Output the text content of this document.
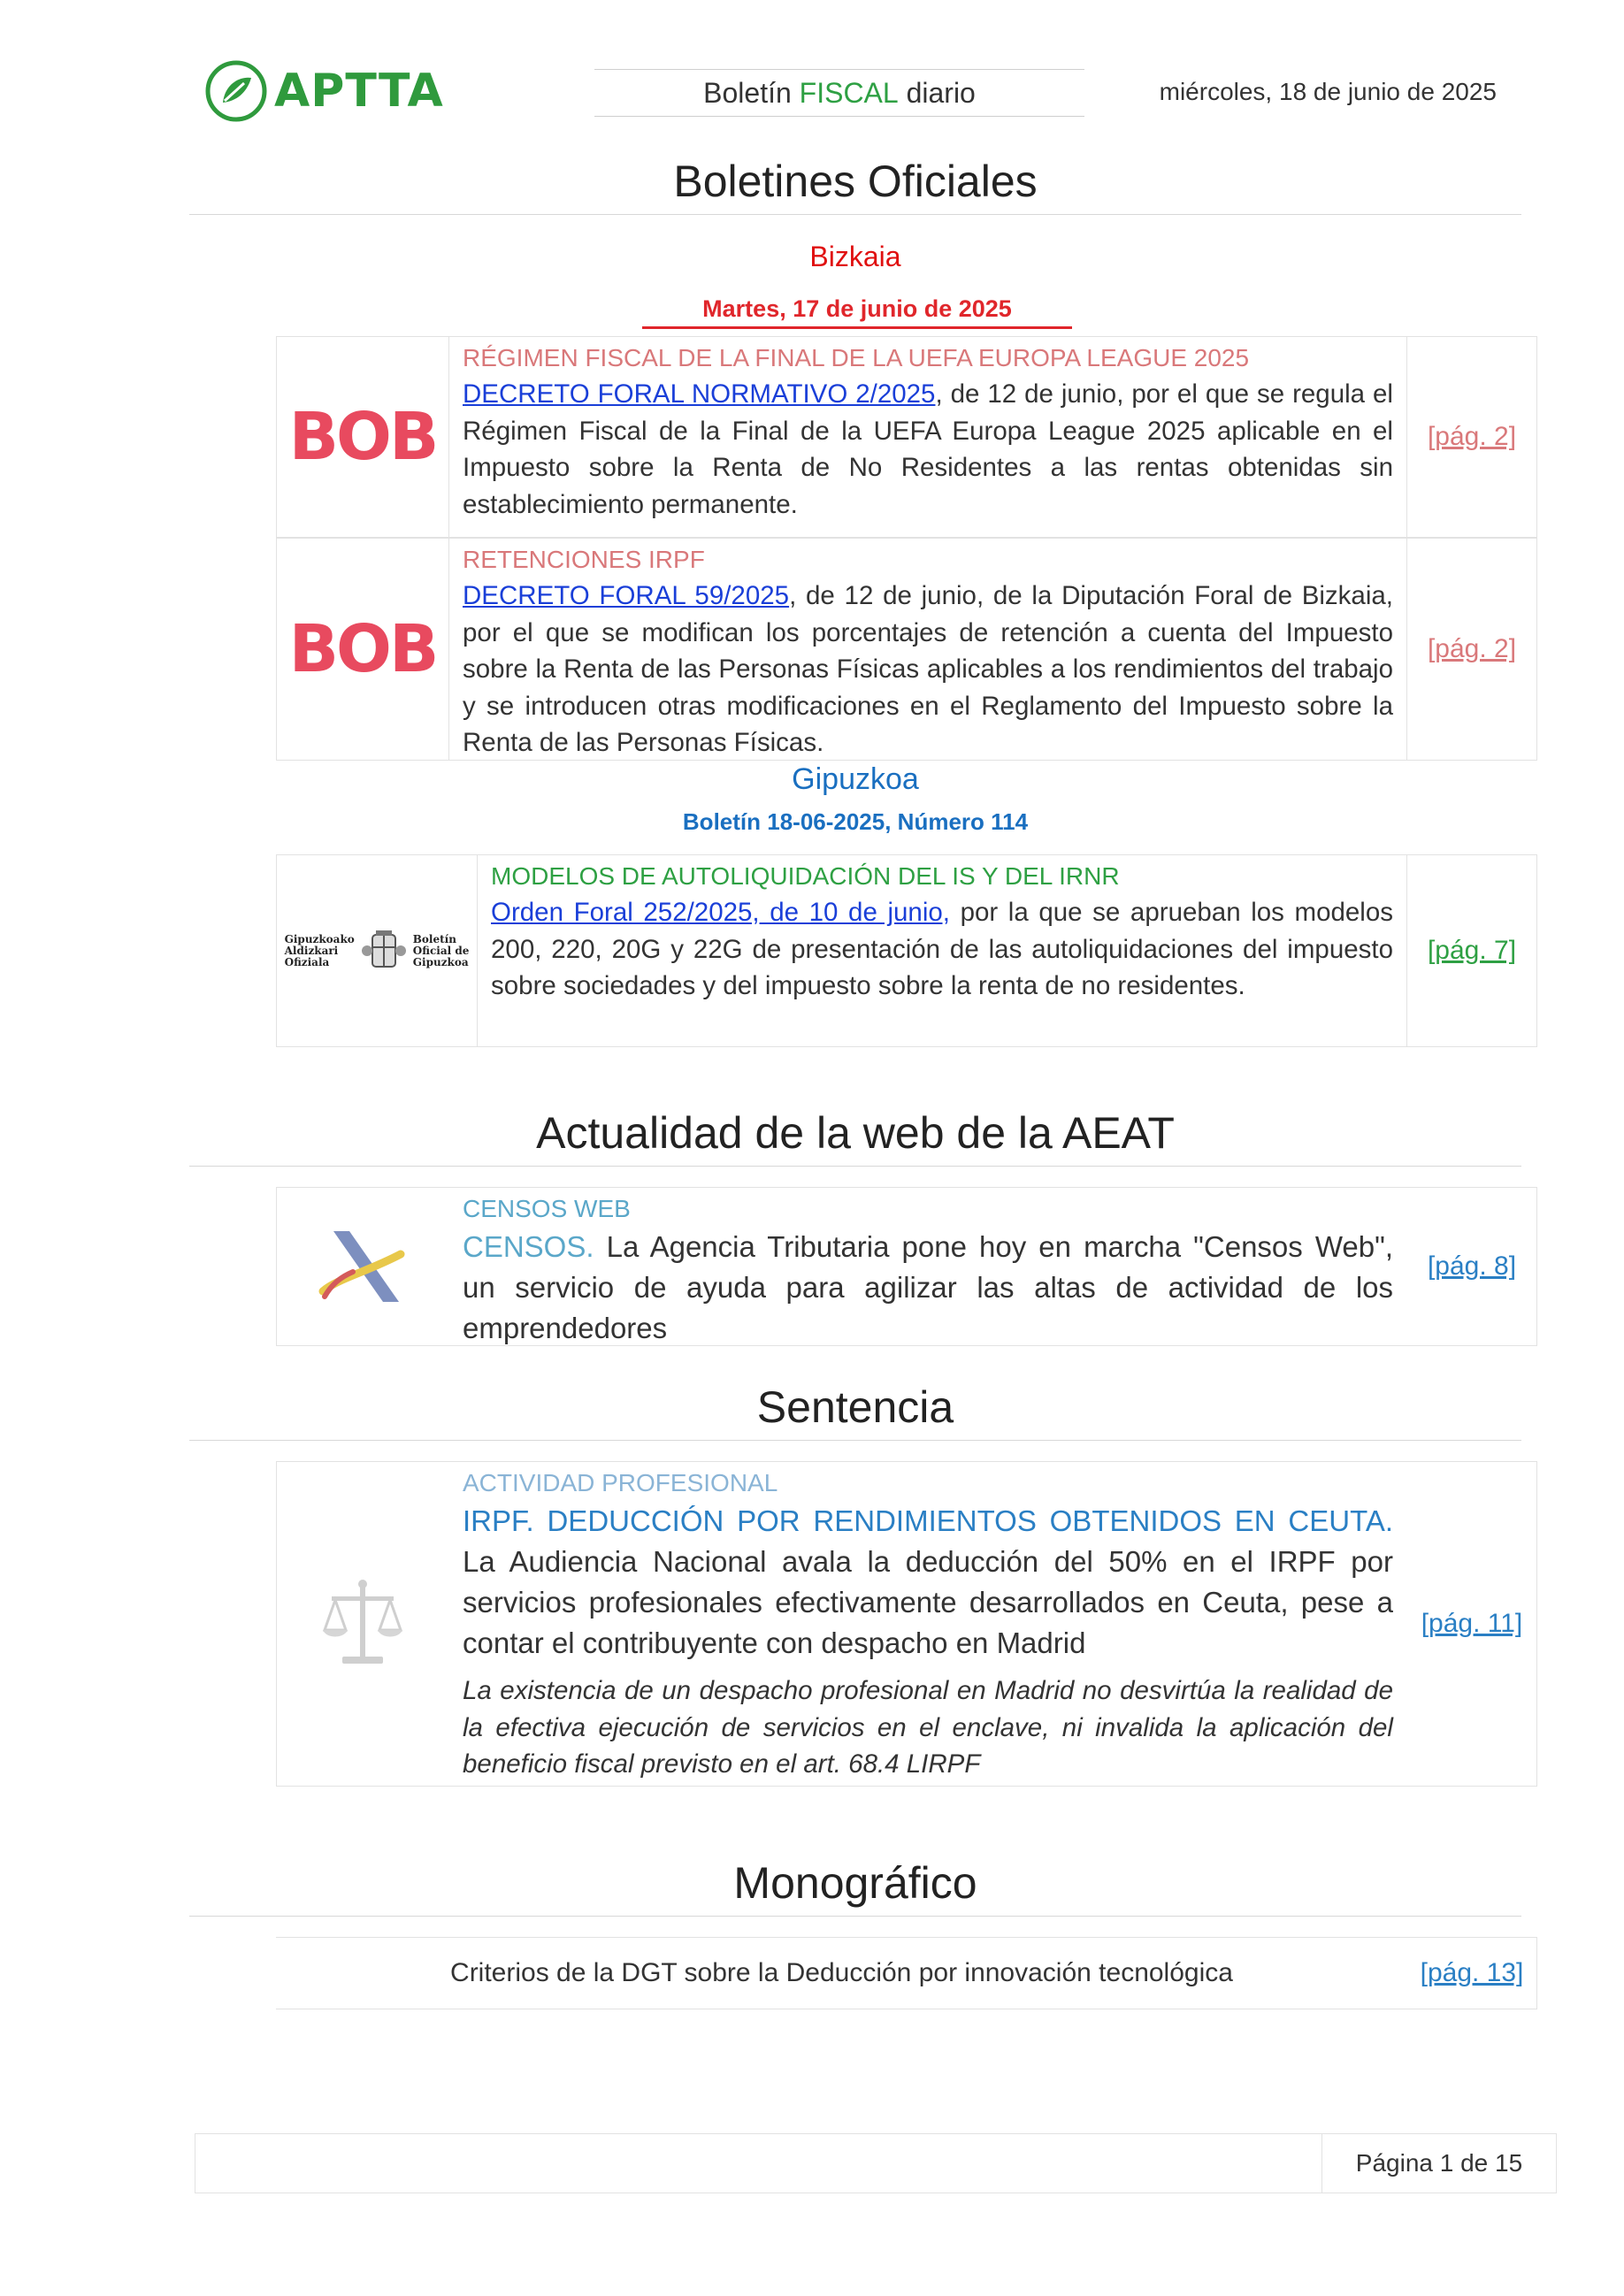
APTTA	Boletín FISCAL diario	miércoles, 18 de junio de 2025
Boletines Oficiales
Bizkaia
Martes, 17 de junio de 2025
BOB
RÉGIMEN FISCAL DE LA FINAL DE LA UEFA EUROPA LEAGUE 2025
DECRETO FORAL NORMATIVO 2/2025, de 12 de junio, por el que se regula el Régimen Fiscal de la Final de la UEFA Europa League 2025 aplicable en el Impuesto sobre la Renta de No Residentes a las rentas obtenidas sin establecimiento permanente.
[pág. 2]
BOB
RETENCIONES IRPF
DECRETO FORAL 59/2025, de 12 de junio, de la Diputación Foral de Bizkaia, por el que se modifican los porcentajes de retención a cuenta del Impuesto sobre la Renta de las Personas Físicas aplicables a los rendimientos del trabajo y se introducen otras modificaciones en el Reglamento del Impuesto sobre la Renta de las Personas Físicas.
[pág. 2]
Gipuzkoa
Boletín 18-06-2025, Número 114
Gipuzkoako
Aldizkari
Ofiziala
Boletín
Oficial de
Gipuzkoa
MODELOS DE AUTOLIQUIDACIÓN DEL IS Y DEL IRNR
Orden Foral 252/2025, de 10 de junio, por la que se aprueban los modelos 200, 220, 20G y 22G de presentación de las autoliquidaciones del impuesto sobre sociedades y del impuesto sobre la renta de no residentes.
[pág. 7]
Actualidad de la web de la AEAT
CENSOS WEB
CENSOS. La Agencia Tributaria pone hoy en marcha "Censos Web", un servicio de ayuda para agilizar las altas de actividad de los emprendedores
[pág. 8]
Sentencia
ACTIVIDAD PROFESIONAL
IRPF. DEDUCCIÓN POR RENDIMIENTOS OBTENIDOS EN CEUTA. La Audiencia Nacional avala la deducción del 50% en el IRPF por servicios profesionales efectivamente desarrollados en Ceuta, pese a contar el contribuyente con despacho en Madrid
La existencia de un despacho profesional en Madrid no desvirtúa la realidad de la efectiva ejecución de servicios en el enclave, ni invalida la aplicación del beneficio fiscal previsto en el art. 68.4 LIRPF
[pág. 11]
Monográfico
Criterios de la DGT sobre la Deducción por innovación tecnológica	[pág. 13]
Página 1 de 15
